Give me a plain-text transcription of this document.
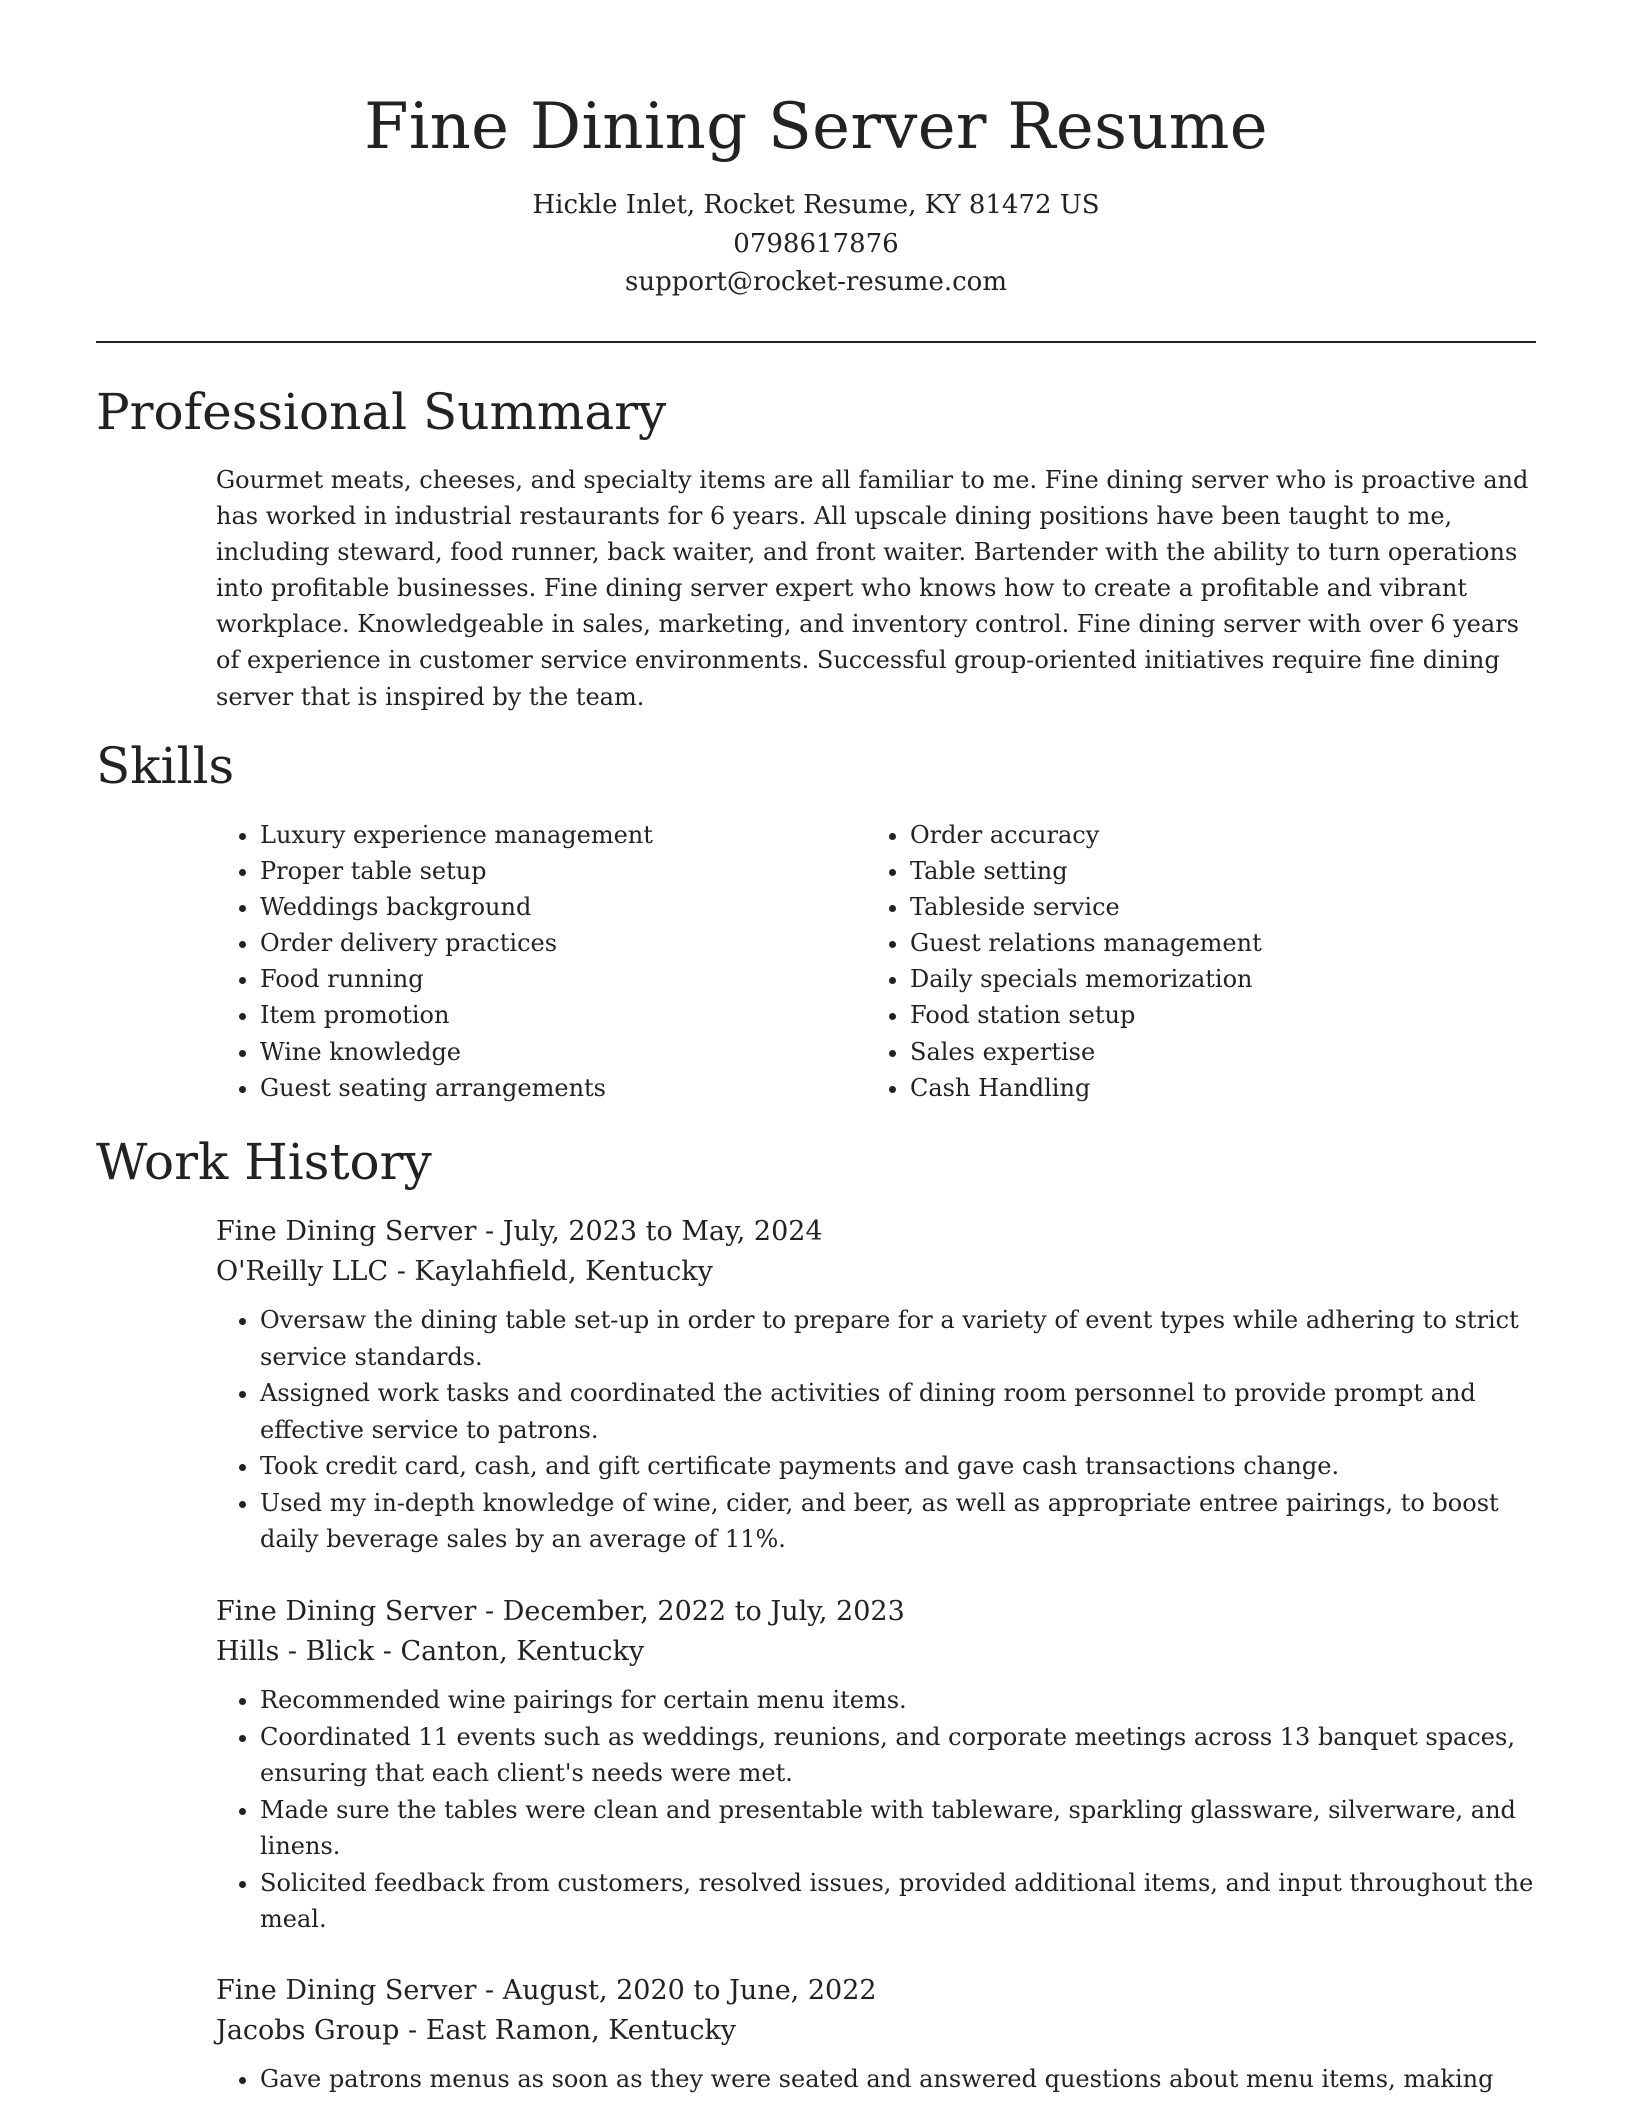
Fine Dining Server Resume
Hickle Inlet, Rocket Resume, KY 81472 US
0798617876
support@rocket-resume.com
Professional Summary

Gourmet meats, cheeses, and specialty items are all familiar to me. Fine dining server who is proactive and has worked in industrial restaurants for 6 years. All upscale dining positions have been taught to me, including steward, food runner, back waiter, and front waiter. Bartender with the ability to turn operations into profitable businesses. Fine dining server expert who knows how to create a profitable and vibrant workplace. Knowledgeable in sales, marketing, and inventory control. Fine dining server with over 6 years of experience in customer service environments. Successful group-oriented initiatives require fine dining server that is inspired by the team.

Skills
• Luxury experience management
• Proper table setup
• Weddings background
• Order delivery practices
• Food running
• Item promotion
• Wine knowledge
• Guest seating arrangements
• Order accuracy
• Table setting
• Tableside service
• Guest relations management
• Daily specials memorization
• Food station setup
• Sales expertise
• Cash Handling
Work History
Fine Dining Server - July, 2023 to May, 2024
O'Reilly LLC - Kaylahfield, Kentucky
• Oversaw the dining table set-up in order to prepare for a variety of event types while adhering to strict service standards.
• Assigned work tasks and coordinated the activities of dining room personnel to provide prompt and effective service to patrons.
• Took credit card, cash, and gift certificate payments and gave cash transactions change.
• Used my in-depth knowledge of wine, cider, and beer, as well as appropriate entree pairings, to boost daily beverage sales by an average of 11%.
Fine Dining Server - December, 2022 to July, 2023
Hills - Blick - Canton, Kentucky
• Recommended wine pairings for certain menu items.
• Coordinated 11 events such as weddings, reunions, and corporate meetings across 13 banquet spaces, ensuring that each client's needs were met.
• Made sure the tables were clean and presentable with tableware, sparkling glassware, silverware, and linens.
• Solicited feedback from customers, resolved issues, provided additional items, and input throughout the meal.
Fine Dining Server - August, 2020 to June, 2022
Jacobs Group - East Ramon, Kentucky
• Gave patrons menus as soon as they were seated and answered questions about menu items, making
